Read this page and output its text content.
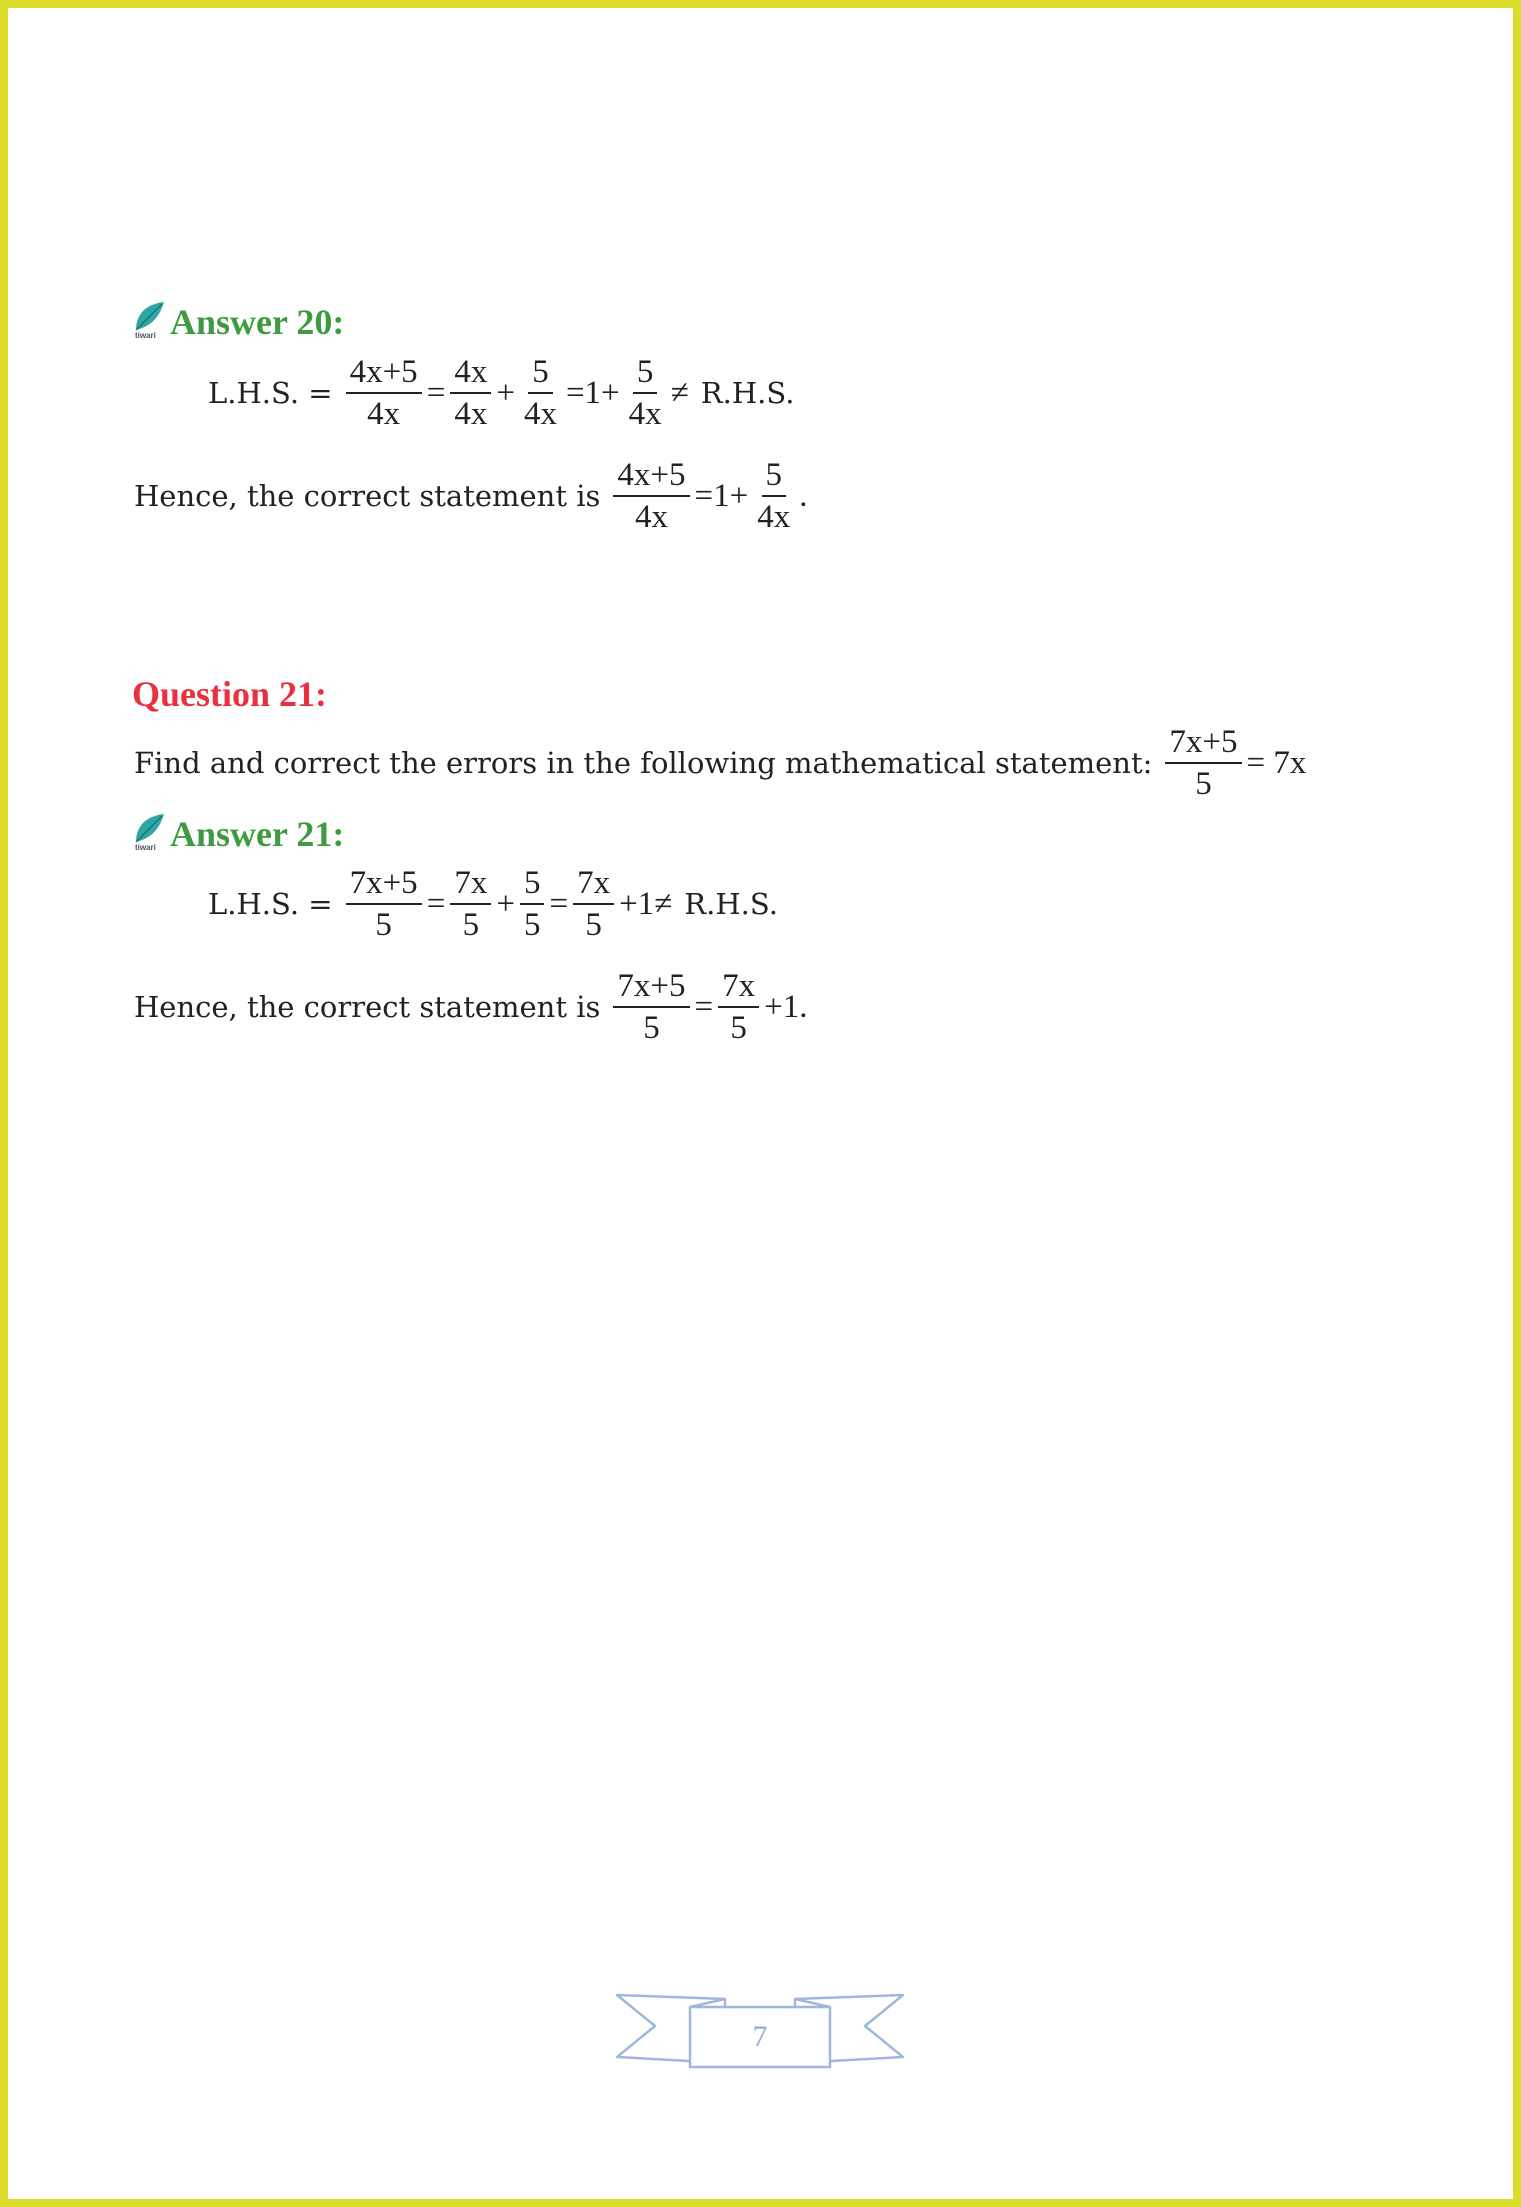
tiwari Answer 20:
L.H.S. = $\frac{4x+5}{4x} = \frac{4x}{4x} + \frac{5}{4x} =1+ \frac{5}{4x} \ne R.H.S$.
Hence, the correct statement is $\frac{4x+5}{4x} =1+ \frac{5}{4x}$ .
Question 21:
Find and correct the errors in the following mathematical statement: $\frac{7x+5}{5} = 7x$
tiwari Answer 21:
L.H.S. = $\frac{7x+5}{5} = \frac{7x}{5} + \frac{5}{5} = \frac{7x}{5} +1\ne R.H.S$.
Hence, the correct statement is $\frac{7x+5}{5} = \frac{7x}{5} +1$.
7
